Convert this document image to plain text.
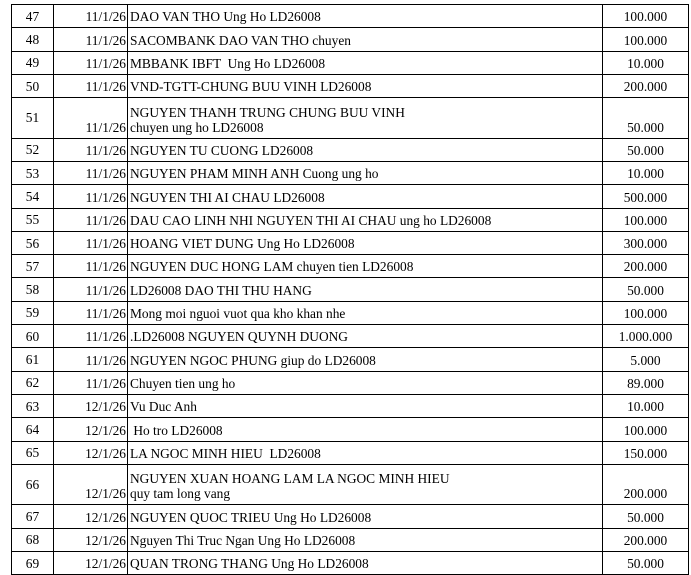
47	11/1/26	DAO VAN THO Ung Ho LD26008	100.000
48	11/1/26	SACOMBANK DAO VAN THO chuyen	100.000
49	11/1/26	MBBANK IBFT  Ung Ho LD26008	10.000
50	11/1/26	VND-TGTT-CHUNG BUU VINH LD26008	200.000
51	11/1/26	NGUYEN THANH TRUNG CHUNG BUU VINH
chuyen ung ho LD26008	50.000
52	11/1/26	NGUYEN TU CUONG LD26008	50.000
53	11/1/26	NGUYEN PHAM MINH ANH Cuong ung ho	10.000
54	11/1/26	NGUYEN THI AI CHAU LD26008	500.000
55	11/1/26	DAU CAO LINH NHI NGUYEN THI AI CHAU ung ho LD26008	100.000
56	11/1/26	HOANG VIET DUNG Ung Ho LD26008	300.000
57	11/1/26	NGUYEN DUC HONG LAM chuyen tien LD26008	200.000
58	11/1/26	LD26008 DAO THI THU HANG	50.000
59	11/1/26	Mong moi nguoi vuot qua kho khan nhe	100.000
60	11/1/26	.LD26008 NGUYEN QUYNH DUONG	1.000.000
61	11/1/26	NGUYEN NGOC PHUNG giup do LD26008	5.000
62	11/1/26	Chuyen tien ung ho	89.000
63	12/1/26	Vu Duc Anh	10.000
64	12/1/26	Ho tro LD26008	100.000
65	12/1/26	LA NGOC MINH HIEU  LD26008	150.000
66	12/1/26	NGUYEN XUAN HOANG LAM LA NGOC MINH HIEU
quy tam long vang	200.000
67	12/1/26	NGUYEN QUOC TRIEU Ung Ho LD26008	50.000
68	12/1/26	Nguyen Thi Truc Ngan Ung Ho LD26008	200.000
69	12/1/26	QUAN TRONG THANG Ung Ho LD26008	50.000
